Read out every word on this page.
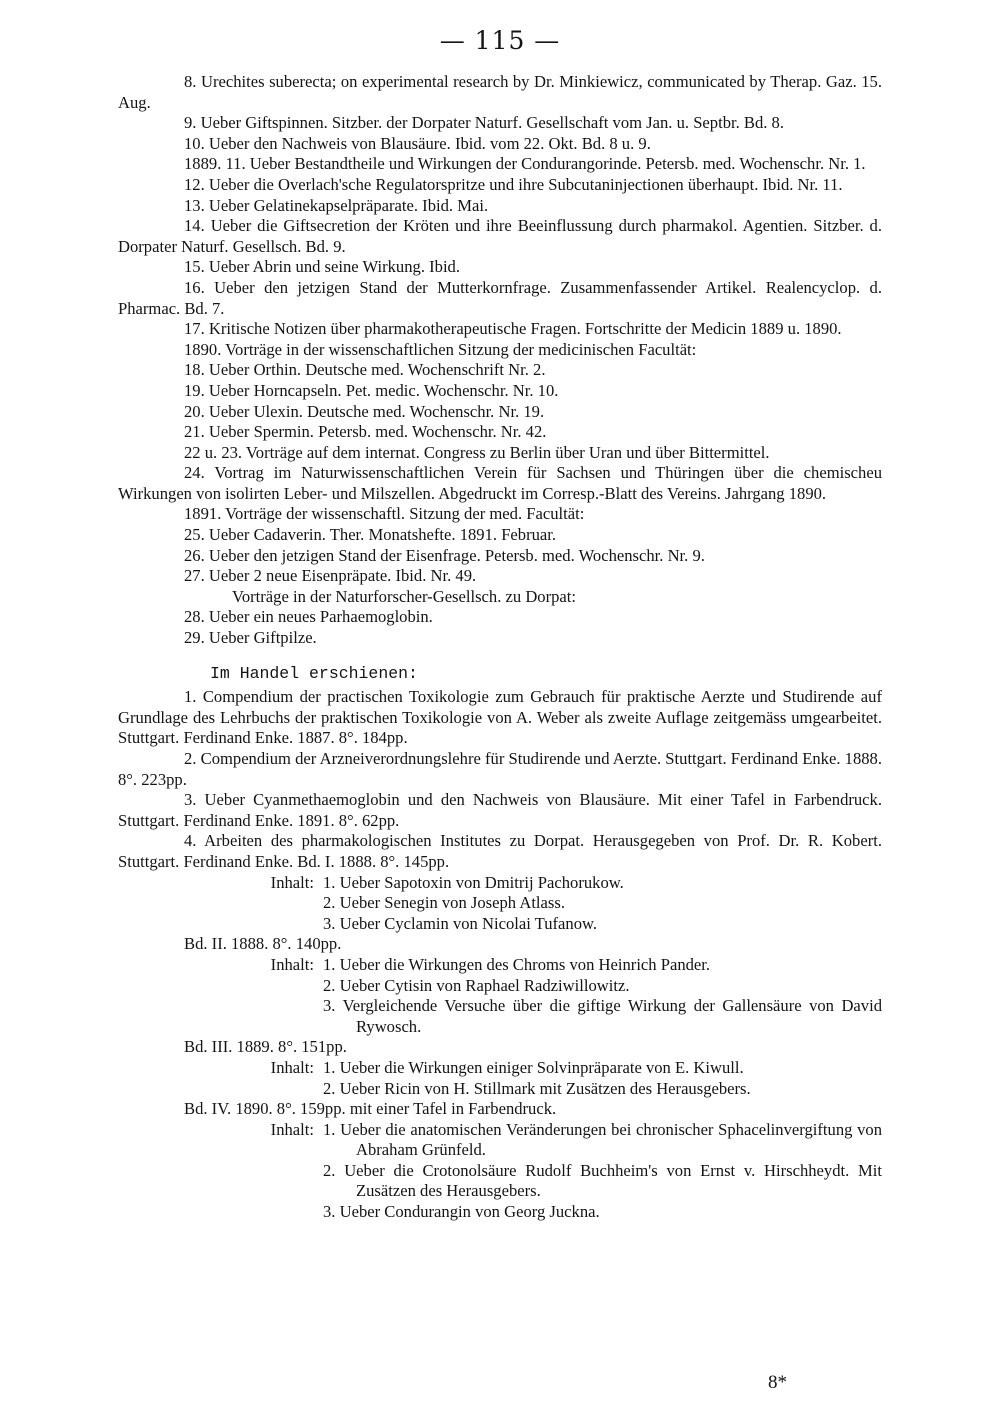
— 115 —

8. Urechites suberecta; on experimental research by Dr. Minkiewicz, communicated by Therap. Gaz. 15. Aug.

9. Ueber Giftspinnen. Sitzber. der Dorpater Naturf. Gesellschaft vom Jan. u. Septbr. Bd. 8.

10. Ueber den Nachweis von Blausäure. Ibid. vom 22. Okt. Bd. 8 u. 9.

1889. 11. Ueber Bestandtheile und Wirkungen der Condurangorinde. Petersb. med. Wochenschr. Nr. 1.

12. Ueber die Overlach'sche Regulatorspritze und ihre Subcutaninjectionen überhaupt. Ibid. Nr. 11.

13. Ueber Gelatinekapselpräparate. Ibid. Mai.

14. Ueber die Giftsecretion der Kröten und ihre Beeinflussung durch pharmakol. Agentien. Sitzber. d. Dorpater Naturf. Gesellsch. Bd. 9.

15. Ueber Abrin und seine Wirkung. Ibid.

16. Ueber den jetzigen Stand der Mutterkornfrage. Zusammenfassender Artikel. Realencyclop. d. Pharmac. Bd. 7.

17. Kritische Notizen über pharmakotherapeutische Fragen. Fortschritte der Medicin 1889 u. 1890.

1890. Vorträge in der wissenschaftlichen Sitzung der medicinischen Facultät:

18. Ueber Orthin. Deutsche med. Wochenschrift Nr. 2.

19. Ueber Horncapseln. Pet. medic. Wochenschr. Nr. 10.

20. Ueber Ulexin. Deutsche med. Wochenschr. Nr. 19.

21. Ueber Spermin. Petersb. med. Wochenschr. Nr. 42.

22 u. 23. Vorträge auf dem internat. Congress zu Berlin über Uran und über Bittermittel.

24. Vortrag im Naturwissenschaftlichen Verein für Sachsen und Thüringen über die chemischeu Wirkungen von isolirten Leber- und Milszellen. Abgedruckt im Corresp.-Blatt des Vereins. Jahrgang 1890.

1891. Vorträge der wissenschaftl. Sitzung der med. Facultät:

25. Ueber Cadaverin. Ther. Monatshefte. 1891. Februar.

26. Ueber den jetzigen Stand der Eisenfrage. Petersb. med. Wochenschr. Nr. 9.

27. Ueber 2 neue Eisenpräpate. Ibid. Nr. 49.

Vorträge in der Naturforscher-Gesellsch. zu Dorpat:

28. Ueber ein neues Parhaemoglobin.

29. Ueber Giftpilze.

Im Handel erschienen:

1. Compendium der practischen Toxikologie zum Gebrauch für praktische Aerzte und Studirende auf Grundlage des Lehrbuchs der praktischen Toxikologie von A. Weber als zweite Auflage zeitgemäss umgearbeitet. Stuttgart. Ferdinand Enke. 1887. 8°. 184pp.

2. Compendium der Arzneiverordnungslehre für Studirende und Aerzte. Stuttgart. Ferdinand Enke. 1888. 8°. 223pp.

3. Ueber Cyanmethaemoglobin und den Nachweis von Blausäure. Mit einer Tafel in Farbendruck. Stuttgart. Ferdinand Enke. 1891. 8°. 62pp.

4. Arbeiten des pharmakologischen Institutes zu Dorpat. Herausgegeben von Prof. Dr. R. Kobert. Stuttgart. Ferdinand Enke. Bd. I. 1888. 8°. 145pp.

Inhalt: 1. Ueber Sapotoxin von Dmitrij Pachorukow.
2. Ueber Senegin von Joseph Atlass.
3. Ueber Cyclamin von Nicolai Tufanow.

Bd. II. 1888. 8°. 140pp.

Inhalt: 1. Ueber die Wirkungen des Chroms von Heinrich Pander.
2. Ueber Cytisin von Raphael Radziwillowitz.
3. Vergleichende Versuche über die giftige Wirkung der Gallensäure von David Rywosch.

Bd. III. 1889. 8°. 151pp.

Inhalt: 1. Ueber die Wirkungen einiger Solvinpräparate von E. Kiwull.
2. Ueber Ricin von H. Stillmark mit Zusätzen des Herausgebers.

Bd. IV. 1890. 8°. 159pp. mit einer Tafel in Farbendruck.

Inhalt: 1. Ueber die anatomischen Veränderungen bei chronischer Sphacelinvergiftung von Abraham Grünfeld.
2. Ueber die Crotonolsäure Rudolf Buchheim's von Ernst v. Hirschheydt. Mit Zusätzen des Herausgebers.
3. Ueber Condurangin von Georg Juckna.
8*
